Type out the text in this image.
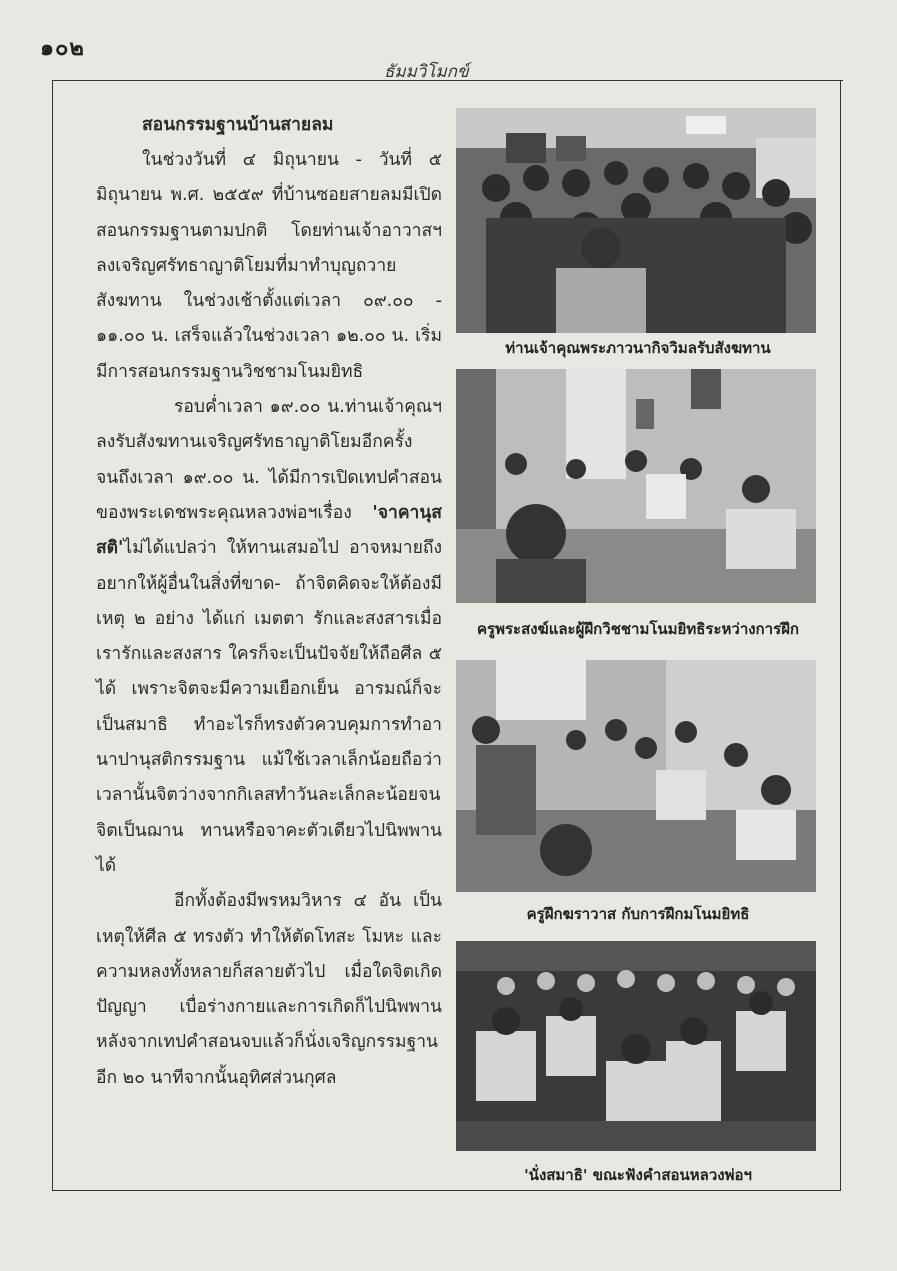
๑๐๒
ธัมมวิโมกข์
สอนกรรมฐานบ้านสายลม

ในช่วงวันที่ ๔ มิถุนายน - วันที่ ๕ มิถุนายน พ.ศ. ๒๕๕๙ ที่บ้านซอยสายลมมีเปิดสอนกรรมฐานตามปกติ โดยท่านเจ้าอาวาสฯลงเจริญศรัทธาญาติโยมที่มาทำบุญถวายสังฆทาน ในช่วงเช้าตั้งแต่เวลา ๐๙.๐๐ - ๑๑.๐๐ น. เสร็จแล้วในช่วงเวลา ๑๒.๐๐ น. เริ่มมีการสอนกรรมฐานวิชชามโนมยิทธิ

รอบค่ำเวลา ๑๙.๐๐ น.ท่านเจ้าคุณฯ ลงรับสังฆทานเจริญศรัทธาญาติโยมอีกครั้งจนถึงเวลา ๑๙.๐๐ น. ได้มีการเปิดเทปคำสอนของพระเดชพระคุณหลวงพ่อฯเรื่อง 'จาคานุสสติ'ไม่ได้แปลว่า ให้ทานเสมอไป อาจหมายถึง อยากให้ผู้อื่นในสิ่งที่ขาด- ถ้าจิตคิดจะให้ต้องมีเหตุ ๒ อย่าง ได้แก่ เมตตา รักและสงสารเมื่อเรารักและสงสาร ใครก็จะเป็นปัจจัยให้ถือศีล ๕ ได้ เพราะจิตจะมีความเยือกเย็น อารมณ์ก็จะเป็นสมาธิ ทำอะไรก็ทรงตัวควบคุมการทำอานาปานุสติกรรมฐาน แม้ใช้เวลาเล็กน้อยถือว่าเวลานั้นจิตว่างจากกิเลสทำวันละเล็กละน้อยจนจิตเป็นฌาน ทานหรือจาคะตัวเดียวไปนิพพานได้

อีกทั้งต้องมีพรหมวิหาร ๔ อัน เป็นเหตุให้ศีล ๕ ทรงตัว ทำให้ตัดโทสะ โมหะ และความหลงทั้งหลายก็สลายตัวไป เมื่อใดจิตเกิดปัญญา เบื่อร่างกายและการเกิดก็ไปนิพพาน หลังจากเทปคำสอนจบแล้วก็นั่งเจริญกรรมฐานอีก ๒๐ นาทีจากนั้นอุทิศส่วนกุศล

ท่านเจ้าคุณพระภาวนากิจวิมลรับสังฆทาน
ครูพระสงฆ์และผู้ฝึกวิชชามโนมยิทธิระหว่างการฝึก
ครูฝึกฆราวาส กับการฝึกมโนมยิทธิ
'นั่งสมาธิ' ขณะฟังคำสอนหลวงพ่อฯ
